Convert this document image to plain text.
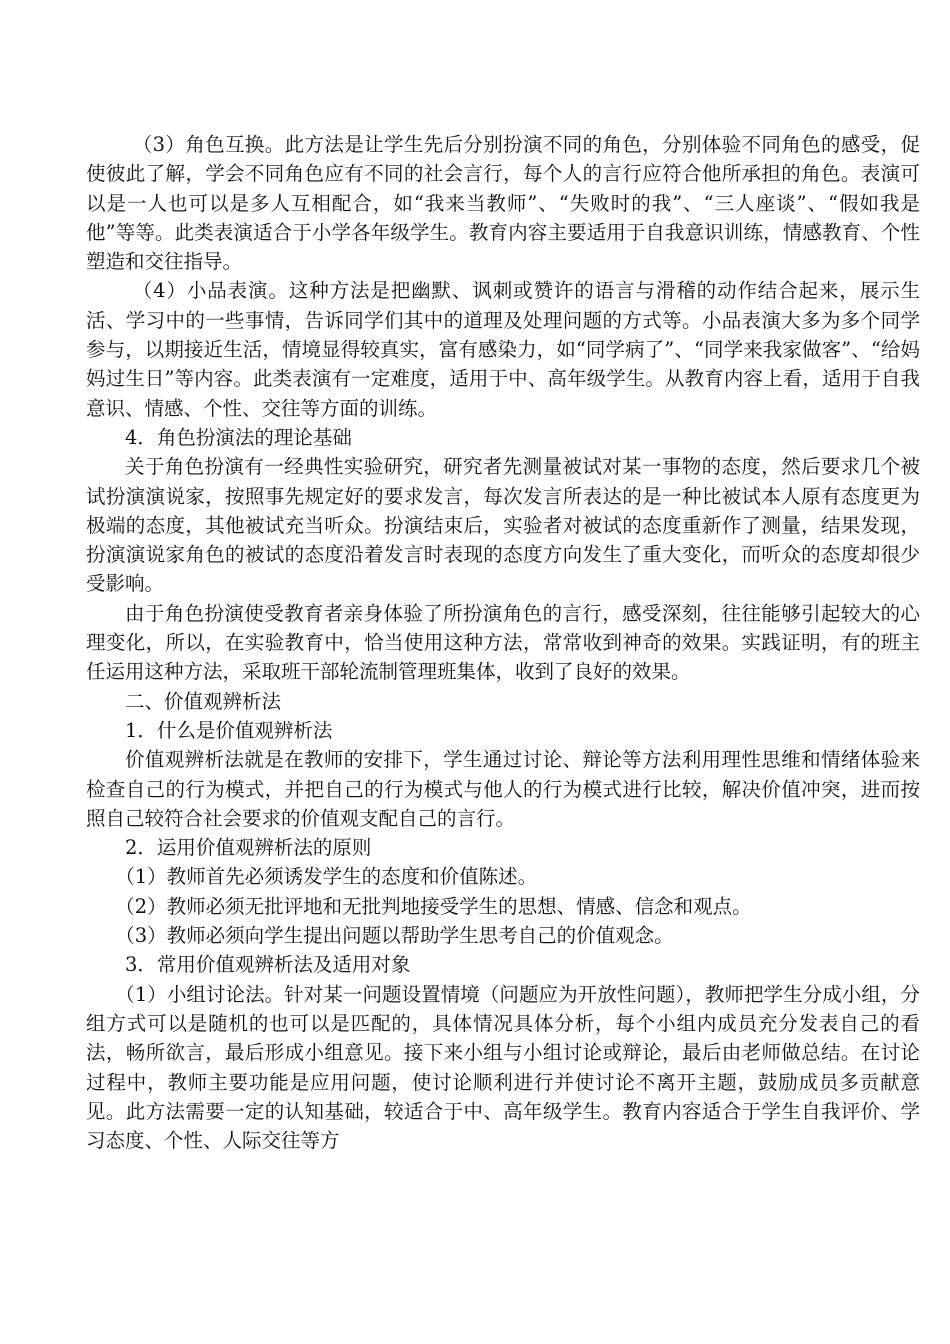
（3）角色互换。此方法是让学生先后分别扮演不同的角色，分别体验不同角色的感受，促使彼此了解，学会不同角色应有不同的社会言行，每个人的言行应符合他所承担的角色。表演可以是一人也可以是多人互相配合，如“我来当教师”、“失败时的我”、“三人座谈”、“假如我是他”等等。此类表演适合于小学各年级学生。教育内容主要适用于自我意识训练，情感教育、个性塑造和交往指导。

（4）小品表演。这种方法是把幽默、讽刺或赞许的语言与滑稽的动作结合起来，展示生活、学习中的一些事情，告诉同学们其中的道理及处理问题的方式等。小品表演大多为多个同学参与，以期接近生活，情境显得较真实，富有感染力，如“同学病了”、“同学来我家做客”、“给妈妈过生日”等内容。此类表演有一定难度，适用于中、高年级学生。从教育内容上看，适用于自我意识、情感、个性、交往等方面的训练。

4．角色扮演法的理论基础

关于角色扮演有一经典性实验研究，研究者先测量被试对某一事物的态度，然后要求几个被试扮演演说家，按照事先规定好的要求发言，每次发言所表达的是一种比被试本人原有态度更为极端的态度，其他被试充当听众。扮演结束后，实验者对被试的态度重新作了测量，结果发现，扮演演说家角色的被试的态度沿着发言时表现的态度方向发生了重大变化，而听众的态度却很少受影响。

由于角色扮演使受教育者亲身体验了所扮演角色的言行，感受深刻，往往能够引起较大的心理变化，所以，在实验教育中，恰当使用这种方法，常常收到神奇的效果。实践证明，有的班主任运用这种方法，采取班干部轮流制管理班集体，收到了良好的效果。

二、价值观辨析法

1．什么是价值观辨析法

价值观辨析法就是在教师的安排下，学生通过讨论、辩论等方法利用理性思维和情绪体验来检查自己的行为模式，并把自己的行为模式与他人的行为模式进行比较，解决价值冲突，进而按照自己较符合社会要求的价值观支配自己的言行。

2．运用价值观辨析法的原则

（1）教师首先必须诱发学生的态度和价值陈述。

（2）教师必须无批评地和无批判地接受学生的思想、情感、信念和观点。

（3）教师必须向学生提出问题以帮助学生思考自己的价值观念。

3．常用价值观辨析法及适用对象

（1）小组讨论法。针对某一问题设置情境（问题应为开放性问题），教师把学生分成小组，分组方式可以是随机的也可以是匹配的，具体情况具体分析，每个小组内成员充分发表自己的看法，畅所欲言，最后形成小组意见。接下来小组与小组讨论或辩论，最后由老师做总结。在讨论过程中，教师主要功能是应用问题，使讨论顺利进行并使讨论不离开主题，鼓励成员多贡献意见。此方法需要一定的认知基础，较适合于中、高年级学生。教育内容适合于学生自我评价、学习态度、个性、人际交往等方
